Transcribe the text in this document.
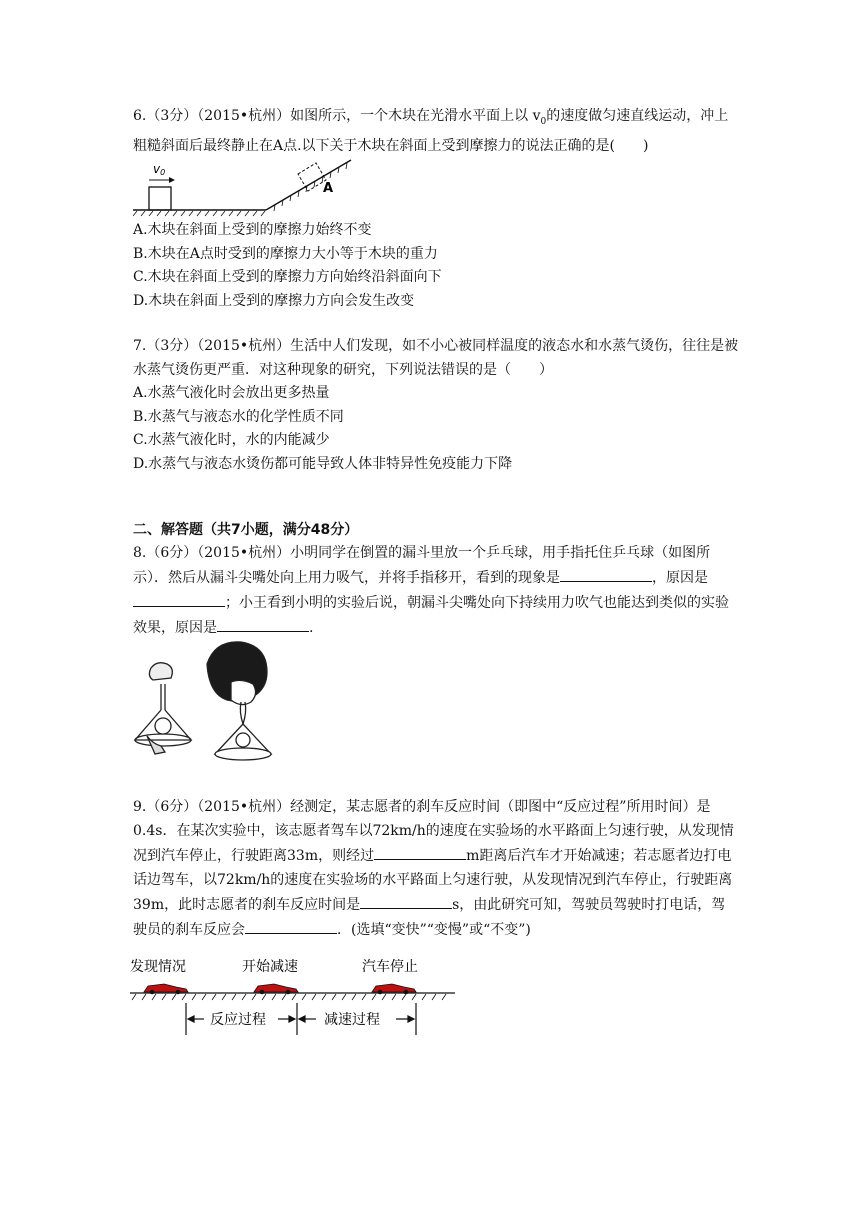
6.（3分）（2015•杭州）如图所示，一个木块在光滑水平面上以 $v_0$的速度做匀速直线运动，冲上粗糙斜面后最终静止在A点.以下关于木块在斜面上受到摩擦力的说法正确的是(　　)

v0
A

A.木块在斜面上受到的摩擦力始终不变

B.木块在A点时受到的摩擦力大小等于木块的重力

C.木块在斜面上受到的摩擦力方向始终沿斜面向下

D.木块在斜面上受到的摩擦力方向会发生改变

7.（3分）（2015•杭州）生活中人们发现，如不小心被同样温度的液态水和水蒸气烫伤，往往是被水蒸气烫伤更严重．对这种现象的研究，下列说法错误的是（　　）

A.水蒸气液化时会放出更多热量

B.水蒸气与液态水的化学性质不同

C.水蒸气液化时，水的内能减少

D.水蒸气与液态水烫伤都可能导致人体非特异性免疫能力下降

二、解答题（共7小题，满分48分）

8.（6分）（2015•杭州）小明同学在倒置的漏斗里放一个乒乓球，用手指托住乒乓球（如图所示）．然后从漏斗尖嘴处向上用力吸气，并将手指移开，看到的现象是	，原因是；小王看到小明的实验后说，朝漏斗尖嘴处向下持续用力吹气也能达到类似的实验效果，原因是	.

9.（6分）（2015•杭州）经测定，某志愿者的刹车反应时间（即图中“反应过程”所用时间）是0.4s．在某次实验中，该志愿者驾车以72km/h的速度在实验场的水平路面上匀速行驶，从发现情况到汽车停止，行驶距离33m，则经过	m距离后汽车才开始减速；若志愿者边打电话边驾车，以72km/h的速度在实验场的水平路面上匀速行驶，从发现情况到汽车停止，行驶距离39m，此时志愿者的刹车反应时间是	s，由此研究可知，驾驶员驾驶时打电话，驾驶员的刹车反应会	．(选填“变快”“变慢”或“不变”)

发现情况	开始减速	汽车停止
反应过程	减速过程
